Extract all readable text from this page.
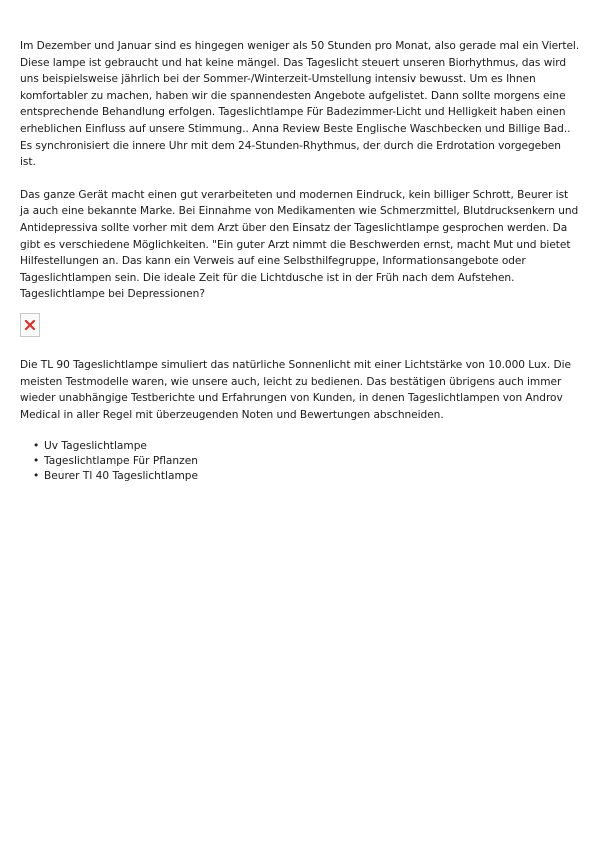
Im Dezember und Januar sind es hingegen weniger als 50 Stunden pro Monat, also gerade mal ein Viertel. Diese lampe ist gebraucht und hat keine mängel. Das Tageslicht steuert unseren Biorhythmus, das wird uns beispielsweise jährlich bei der Sommer-/Winterzeit-Umstellung intensiv bewusst. Um es Ihnen komfortabler zu machen, haben wir die spannendesten Angebote aufgelistet. Dann sollte morgens eine entsprechende Behandlung erfolgen. Tageslichtlampe Für Badezimmer-Licht und Helligkeit haben einen erheblichen Einfluss auf unsere Stimmung.. Anna Review Beste Englische Waschbecken und Billige Bad.. Es synchronisiert die innere Uhr mit dem 24-Stunden-Rhythmus, der durch die Erdrotation vorgegeben ist.

Das ganze Gerät macht einen gut verarbeiteten und modernen Eindruck, kein billiger Schrott, Beurer ist ja auch eine bekannte Marke. Bei Einnahme von Medikamenten wie Schmerzmittel, Blutdrucksenkern und Antidepressiva sollte vorher mit dem Arzt über den Einsatz der Tageslichtlampe gesprochen werden. Da gibt es verschiedene Möglichkeiten. "Ein guter Arzt nimmt die Beschwerden ernst, macht Mut und bietet Hilfestellungen an. Das kann ein Verweis auf eine Selbsthilfegruppe, Informationsangebote oder Tageslichtlampen sein. Die ideale Zeit für die Lichtdusche ist in der Früh nach dem Aufstehen. Tageslichtlampe bei Depressionen?

Die TL 90 Tageslichtlampe simuliert das natürliche Sonnenlicht mit einer Lichtstärke von 10.000 Lux. Die meisten Testmodelle waren, wie unsere auch, leicht zu bedienen. Das bestätigen übrigens auch immer wieder unabhängige Testberichte und Erfahrungen von Kunden, in denen Tageslichtlampen von Androv Medical in aller Regel mit überzeugenden Noten und Bewertungen abschneiden.

• Uv Tageslichtlampe
• Tageslichtlampe Für Pflanzen
• Beurer Tl 40 Tageslichtlampe
